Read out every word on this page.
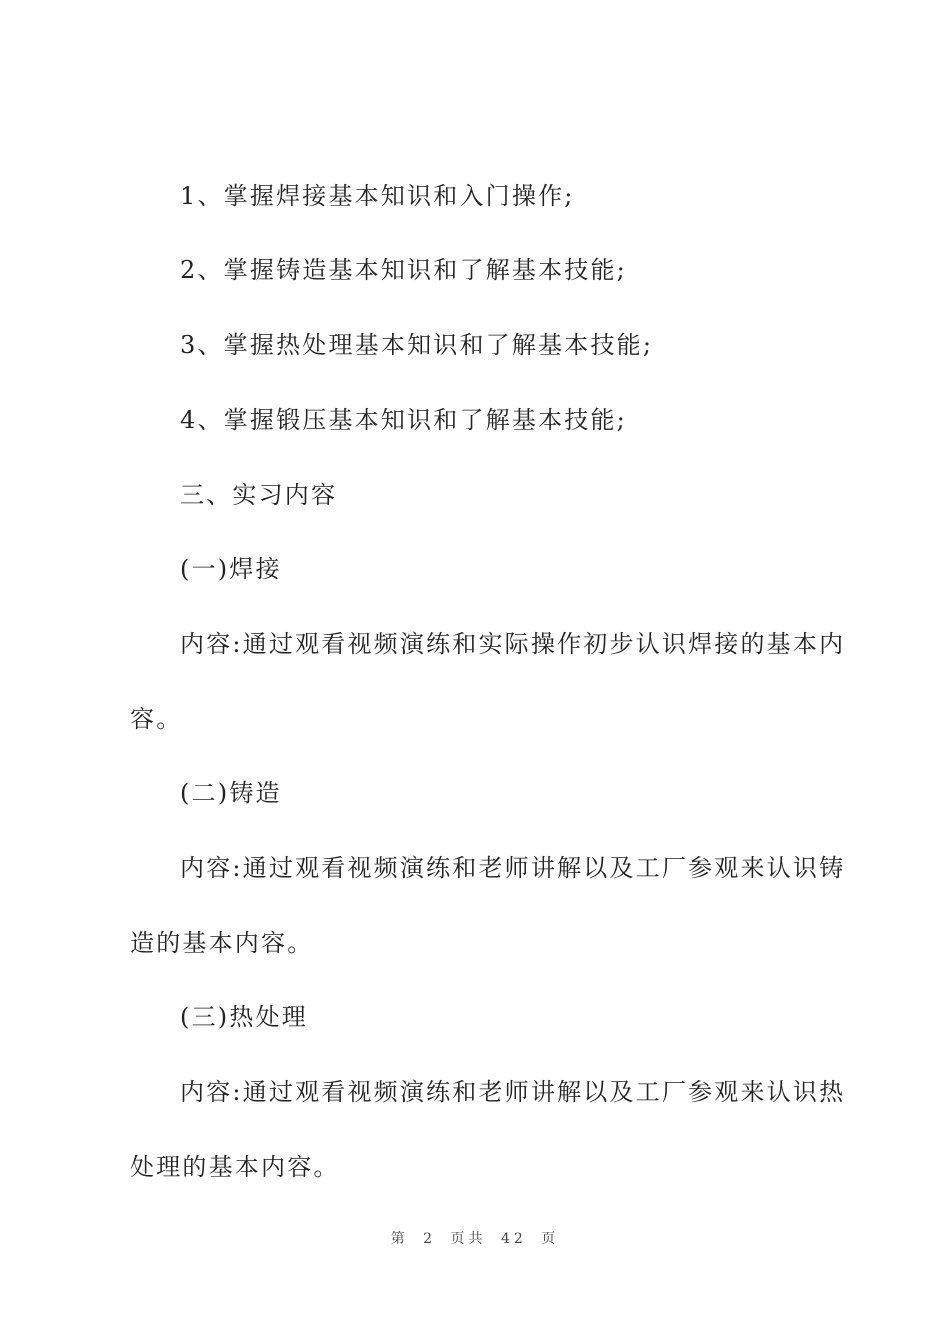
1、掌握焊接基本知识和入门操作;
2、掌握铸造基本知识和了解基本技能;
3、掌握热处理基本知识和了解基本技能;
4、掌握锻压基本知识和了解基本技能;
三、实习内容
(一)焊接
内容:通过观看视频演练和实际操作初步认识焊接的基本内
容。
(二)铸造
内容:通过观看视频演练和老师讲解以及工厂参观来认识铸
造的基本内容。
(三)热处理
内容:通过观看视频演练和老师讲解以及工厂参观来认识热
处理的基本内容。
第 2 页共 42 页
